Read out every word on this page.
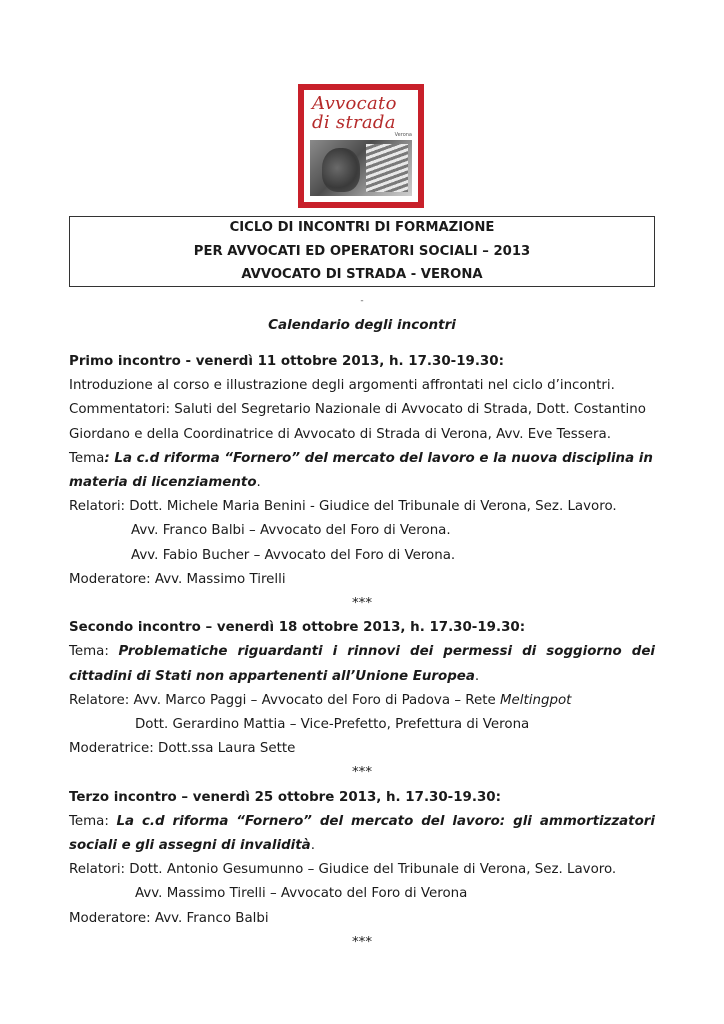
Avvocato
di strada
Verona
CICLO DI INCONTRI DI FORMAZIONE
PER AVVOCATI ED OPERATORI SOCIALI – 2013
AVVOCATO DI STRADA - VERONA
-
Calendario degli incontri
Primo incontro - venerdì 11 ottobre 2013, h. 17.30-19.30:
Introduzione al corso e illustrazione degli argomenti affrontati nel ciclo d’incontri.
Commentatori: Saluti del Segretario Nazionale di Avvocato di Strada, Dott. Costantino
Giordano e della Coordinatrice di Avvocato di Strada di Verona, Avv. Eve Tessera.
Tema: La c.d riforma “Fornero” del mercato del lavoro e la nuova disciplina in
materia di licenziamento.
Relatori: Dott. Michele Maria Benini - Giudice del Tribunale di Verona, Sez. Lavoro.
Avv. Franco Balbi – Avvocato del Foro di Verona.
Avv. Fabio Bucher – Avvocato del Foro di Verona.
Moderatore: Avv. Massimo Tirelli
***
Secondo incontro – venerdì 18 ottobre 2013, h. 17.30-19.30:
Tema: Problematiche riguardanti i rinnovi dei permessi di soggiorno dei
cittadini di Stati non appartenenti all’Unione Europea.
Relatore: Avv. Marco Paggi – Avvocato del Foro di Padova – Rete Meltingpot
Dott. Gerardino Mattia – Vice-Prefetto, Prefettura di Verona
Moderatrice: Dott.ssa Laura Sette
***
Terzo incontro – venerdì 25 ottobre 2013, h. 17.30-19.30:
Tema: La c.d riforma “Fornero” del mercato del lavoro: gli ammortizzatori
sociali e gli assegni di invalidità.
Relatori: Dott. Antonio Gesumunno – Giudice del Tribunale di Verona, Sez. Lavoro.
Avv. Massimo Tirelli – Avvocato del Foro di Verona
Moderatore: Avv. Franco Balbi
***
